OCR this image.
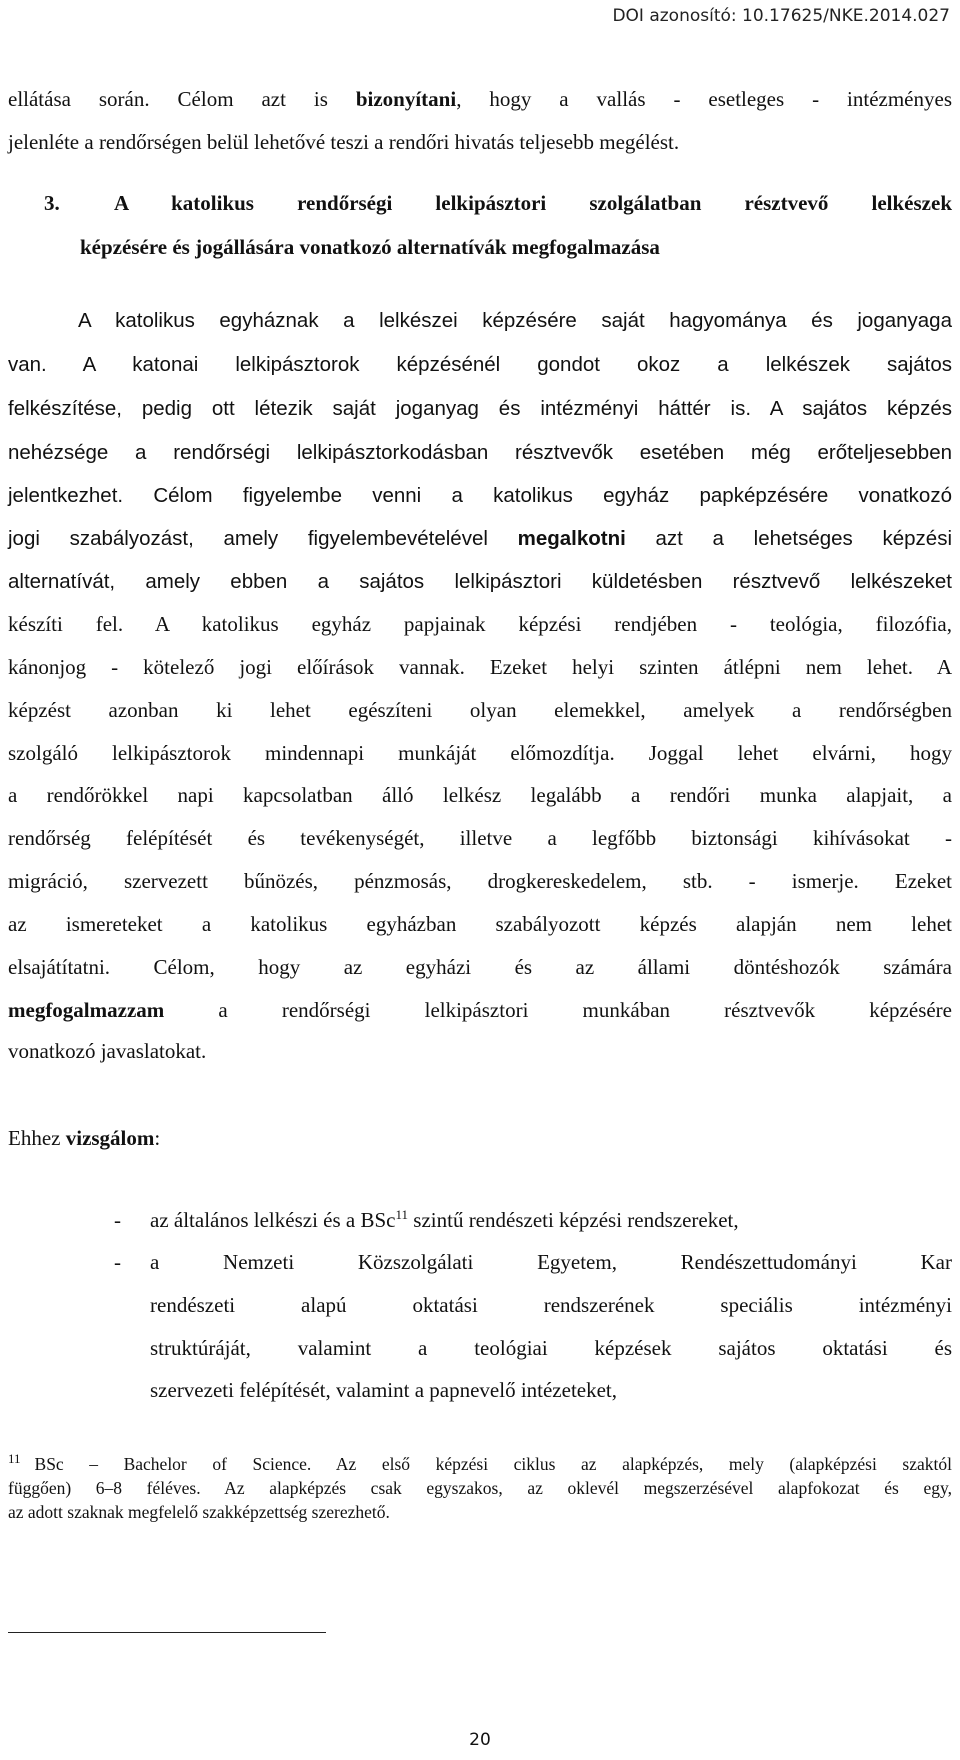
DOI azonosító: 10.17625/NKE.2014.027
ellátása során. Célom azt is bizonyítani, hogy a vallás - esetleges - intézményes
jelenléte a rendőrségen belül lehetővé teszi a rendőri hivatás teljesebb megélést.
3.	A katolikus rendőrségi lelkipásztori szolgálatban résztvevő lelkészek
képzésére és jogállására vonatkozó alternatívák megfogalmazása
A katolikus egyháznak a lelkészei képzésére saját hagyománya és joganyaga
van. A katonai lelkipásztorok képzésénél gondot okoz a lelkészek sajátos
felkészítése, pedig ott létezik saját joganyag és intézményi háttér is. A sajátos képzés
nehézsége a rendőrségi lelkipásztorkodásban résztvevők esetében még erőteljesebben
jelentkezhet. Célom figyelembe venni a katolikus egyház papképzésére vonatkozó
jogi szabályozást, amely figyelembevételével megalkotni azt a lehetséges képzési
alternatívát, amely ebben a sajátos lelkipásztori küldetésben résztvevő lelkészeket
készíti fel. A katolikus egyház papjainak képzési rendjében - teológia, filozófia,
kánonjog - kötelező jogi előírások vannak. Ezeket helyi szinten átlépni nem lehet. A
képzést azonban ki lehet egészíteni olyan elemekkel, amelyek a rendőrségben
szolgáló lelkipásztorok mindennapi munkáját előmozdítja. Joggal lehet elvárni, hogy
a rendőrökkel napi kapcsolatban álló lelkész legalább a rendőri munka alapjait, a
rendőrség felépítését és tevékenységét, illetve a legfőbb biztonsági kihívásokat -
migráció, szervezett bűnözés, pénzmosás, drogkereskedelem, stb. - ismerje. Ezeket
az ismereteket a katolikus egyházban szabályozott képzés alapján nem lehet
elsajátítatni. Célom, hogy az egyházi és az állami döntéshozók számára
megfogalmazzam a rendőrségi lelkipásztori munkában résztvevők képzésére
vonatkozó javaslatokat.
Ehhez vizsgálom:
-	az általános lelkészi és a BSc$^{11}$ szintű rendészeti képzési rendszereket,
-	a Nemzeti Közszolgálati Egyetem, Rendészettudományi Kar
rendészeti alapú oktatási rendszerének speciális intézményi
struktúráját, valamint a teológiai képzések sajátos oktatási és
szervezeti felépítését, valamint a papnevelő intézeteket,
$^{11}$ BSc – Bachelor of Science. Az első képzési ciklus az alapképzés, mely (alapképzési szaktól
függően) 6–8 féléves. Az alapképzés csak egyszakos, az oklevél megszerzésével alapfokozat és egy,
az adott szaknak megfelelő szakképzettség szerezhető.
20
